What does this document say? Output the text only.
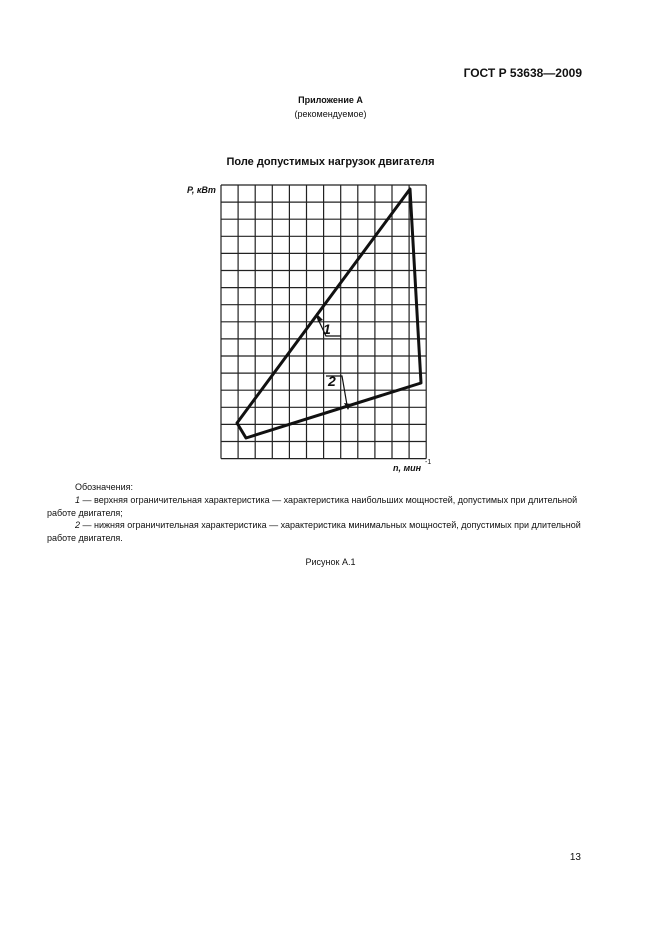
ГОСТ Р 53638—2009
Приложение А
(рекомендуемое)
Поле допустимых нагрузок двигателя
1
2
P, кВт
n, мин
-1
Обозначения:
1 — верхняя ограничительная характеристика — характеристика наибольших мощностей, допустимых при длительной работе двигателя;
2 — нижняя ограничительная характеристика — характеристика минимальных мощностей, допустимых при длительной работе двигателя.
Рисунок А.1
13
